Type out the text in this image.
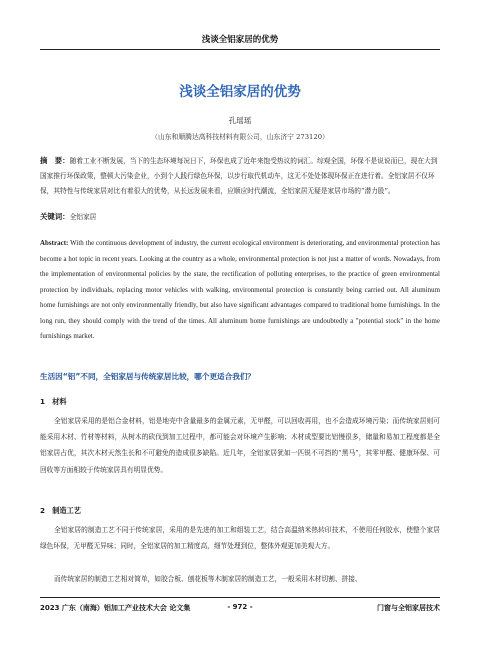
浅谈全铝家居的优势
浅谈全铝家居的优势
孔瑶瑶
（山东和顺腾达高科技材料有限公司，山东济宁 273120）
摘　要：随着工业不断发展，当下的生态环境每况日下，环保也成了近年来饱受热议的词汇。综观全国，环保不是说说而已，现在大到国家推行环保政策，整顿大污染企业，小到个人践行绿色环保，以步行取代机动车，这无不处处体现环保正在进行着。全铝家居不仅环保，其特性与传统家居对比有着很大的优势，从长远发展来看，应顺应时代潮流，全铝家居无疑是家居市场的“潜力股”。
关键词：全铝家居
Abstract: With the continuous development of industry, the current ecological environment is deteriorating, and environmental protection has become a hot topic in recent years. Looking at the country as a whole, environmental protection is not just a matter of words. Nowadays, from the implementation of environmental policies by the state, the rectification of polluting enterprises, to the practice of green environmental protection by individuals, replacing motor vehicles with walking, environmental protection is constantly being carried out. All aluminum home furnishings are not only environmentally friendly, but also have significant advantages compared to traditional home furnishings. In the long run, they should comply with the trend of the times. All aluminum home furnishings are undoubtedly a "potential stock" in the home furnishings market.
生活因“铝”不同，全铝家居与传统家居比较，哪个更适合我们？
1　材料
全铝家居采用的是铝合金材料，铝是地壳中含量最多的金属元素，无甲醛，可以回收再用，也不会造成环境污染；而传统家居则可能采用木材、竹材等材料，从树木的砍伐到加工过程中，都可能会对环境产生影响；木材成型要比铝慢很多，储量和易加工程度都是全铝家居占优，其次木材天然生长和不可避免的造成很多缺陷。近几年，全铝家居犹如一匹锐不可挡的“黑马”，其零甲醛、健康环保、可回收等方面相较于传统家居具有明显优势。
2　制造工艺
全铝家居的制造工艺不同于传统家居，采用的是先进的加工和组装工艺，结合高温纳米热转印技术，不使用任何胶水，使整个家居绿色环保，无甲醛无异味；同时，全铝家居的加工精度高，细节处理到位，整体外观更加美观大方。
而传统家居的制造工艺相对简单，如胶合板、刨花板等木制家居的制造工艺，一般采用木材切割、拼接、
2023 广东（南海）铝加工产业技术大会 论文集	- 972 -	门窗与全铝家居技术
